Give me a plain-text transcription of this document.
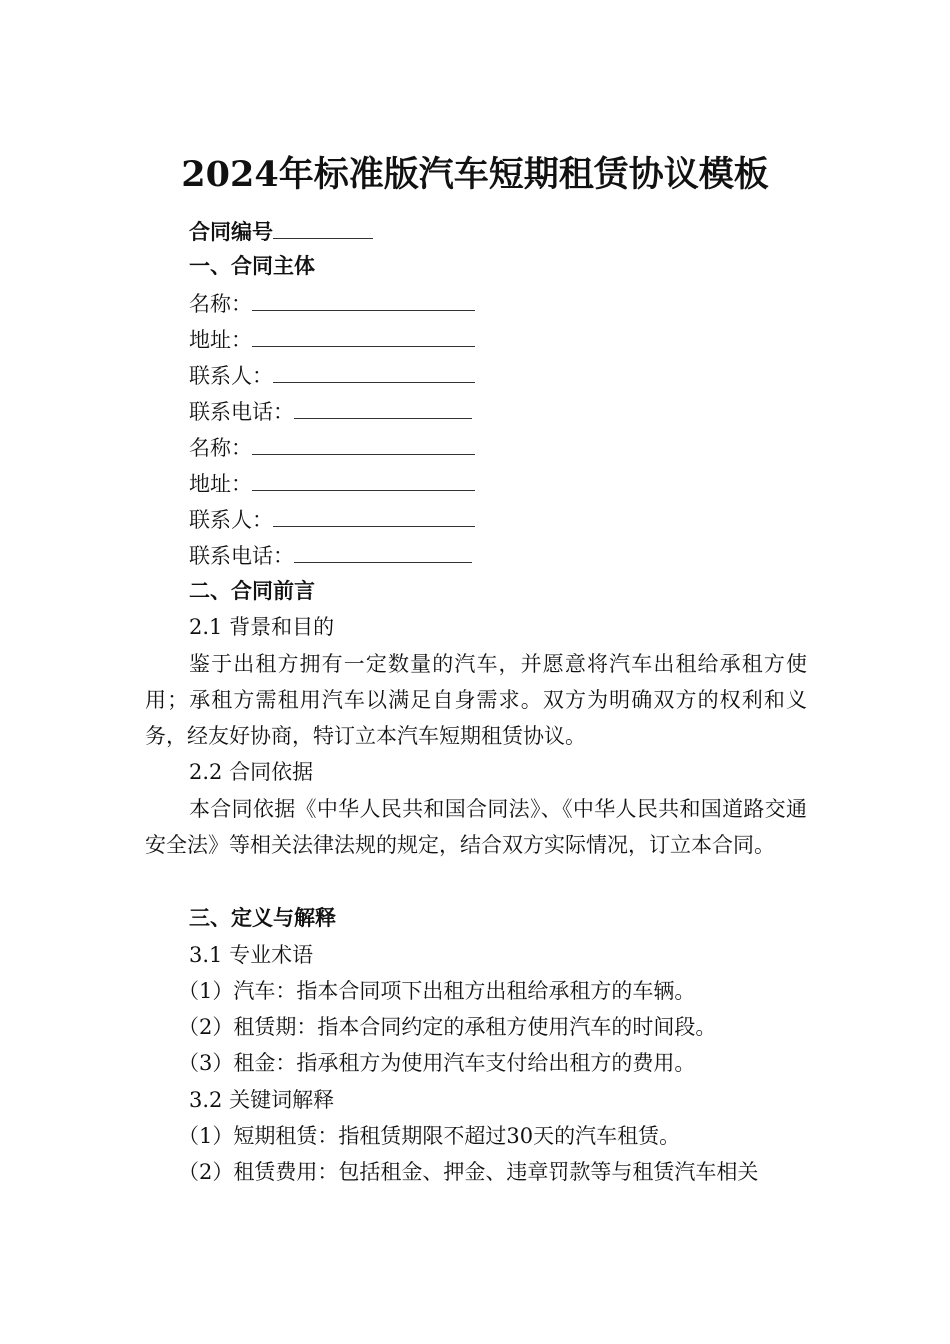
2024年标准版汽车短期租赁协议模板
合同编号
一、合同主体
名称：
地址：
联系人：
联系电话：
名称：
地址：
联系人：
联系电话：
二、合同前言
2.1 背景和目的
鉴于出租方拥有一定数量的汽车，并愿意将汽车出租给承租方使用；承租方需租用汽车以满足自身需求。双方为明确双方的权利和义务，经友好协商，特订立本汽车短期租赁协议。
2.2 合同依据
本合同依据《中华人民共和国合同法》、《中华人民共和国道路交通安全法》等相关法律法规的规定，结合双方实际情况，订立本合同。
三、定义与解释
3.1 专业术语
（1）汽车：指本合同项下出租方出租给承租方的车辆。
（2）租赁期：指本合同约定的承租方使用汽车的时间段。
（3）租金：指承租方为使用汽车支付给出租方的费用。
3.2 关键词解释
（1）短期租赁：指租赁期限不超过30天的汽车租赁。
（2）租赁费用：包括租金、押金、违章罚款等与租赁汽车相关
